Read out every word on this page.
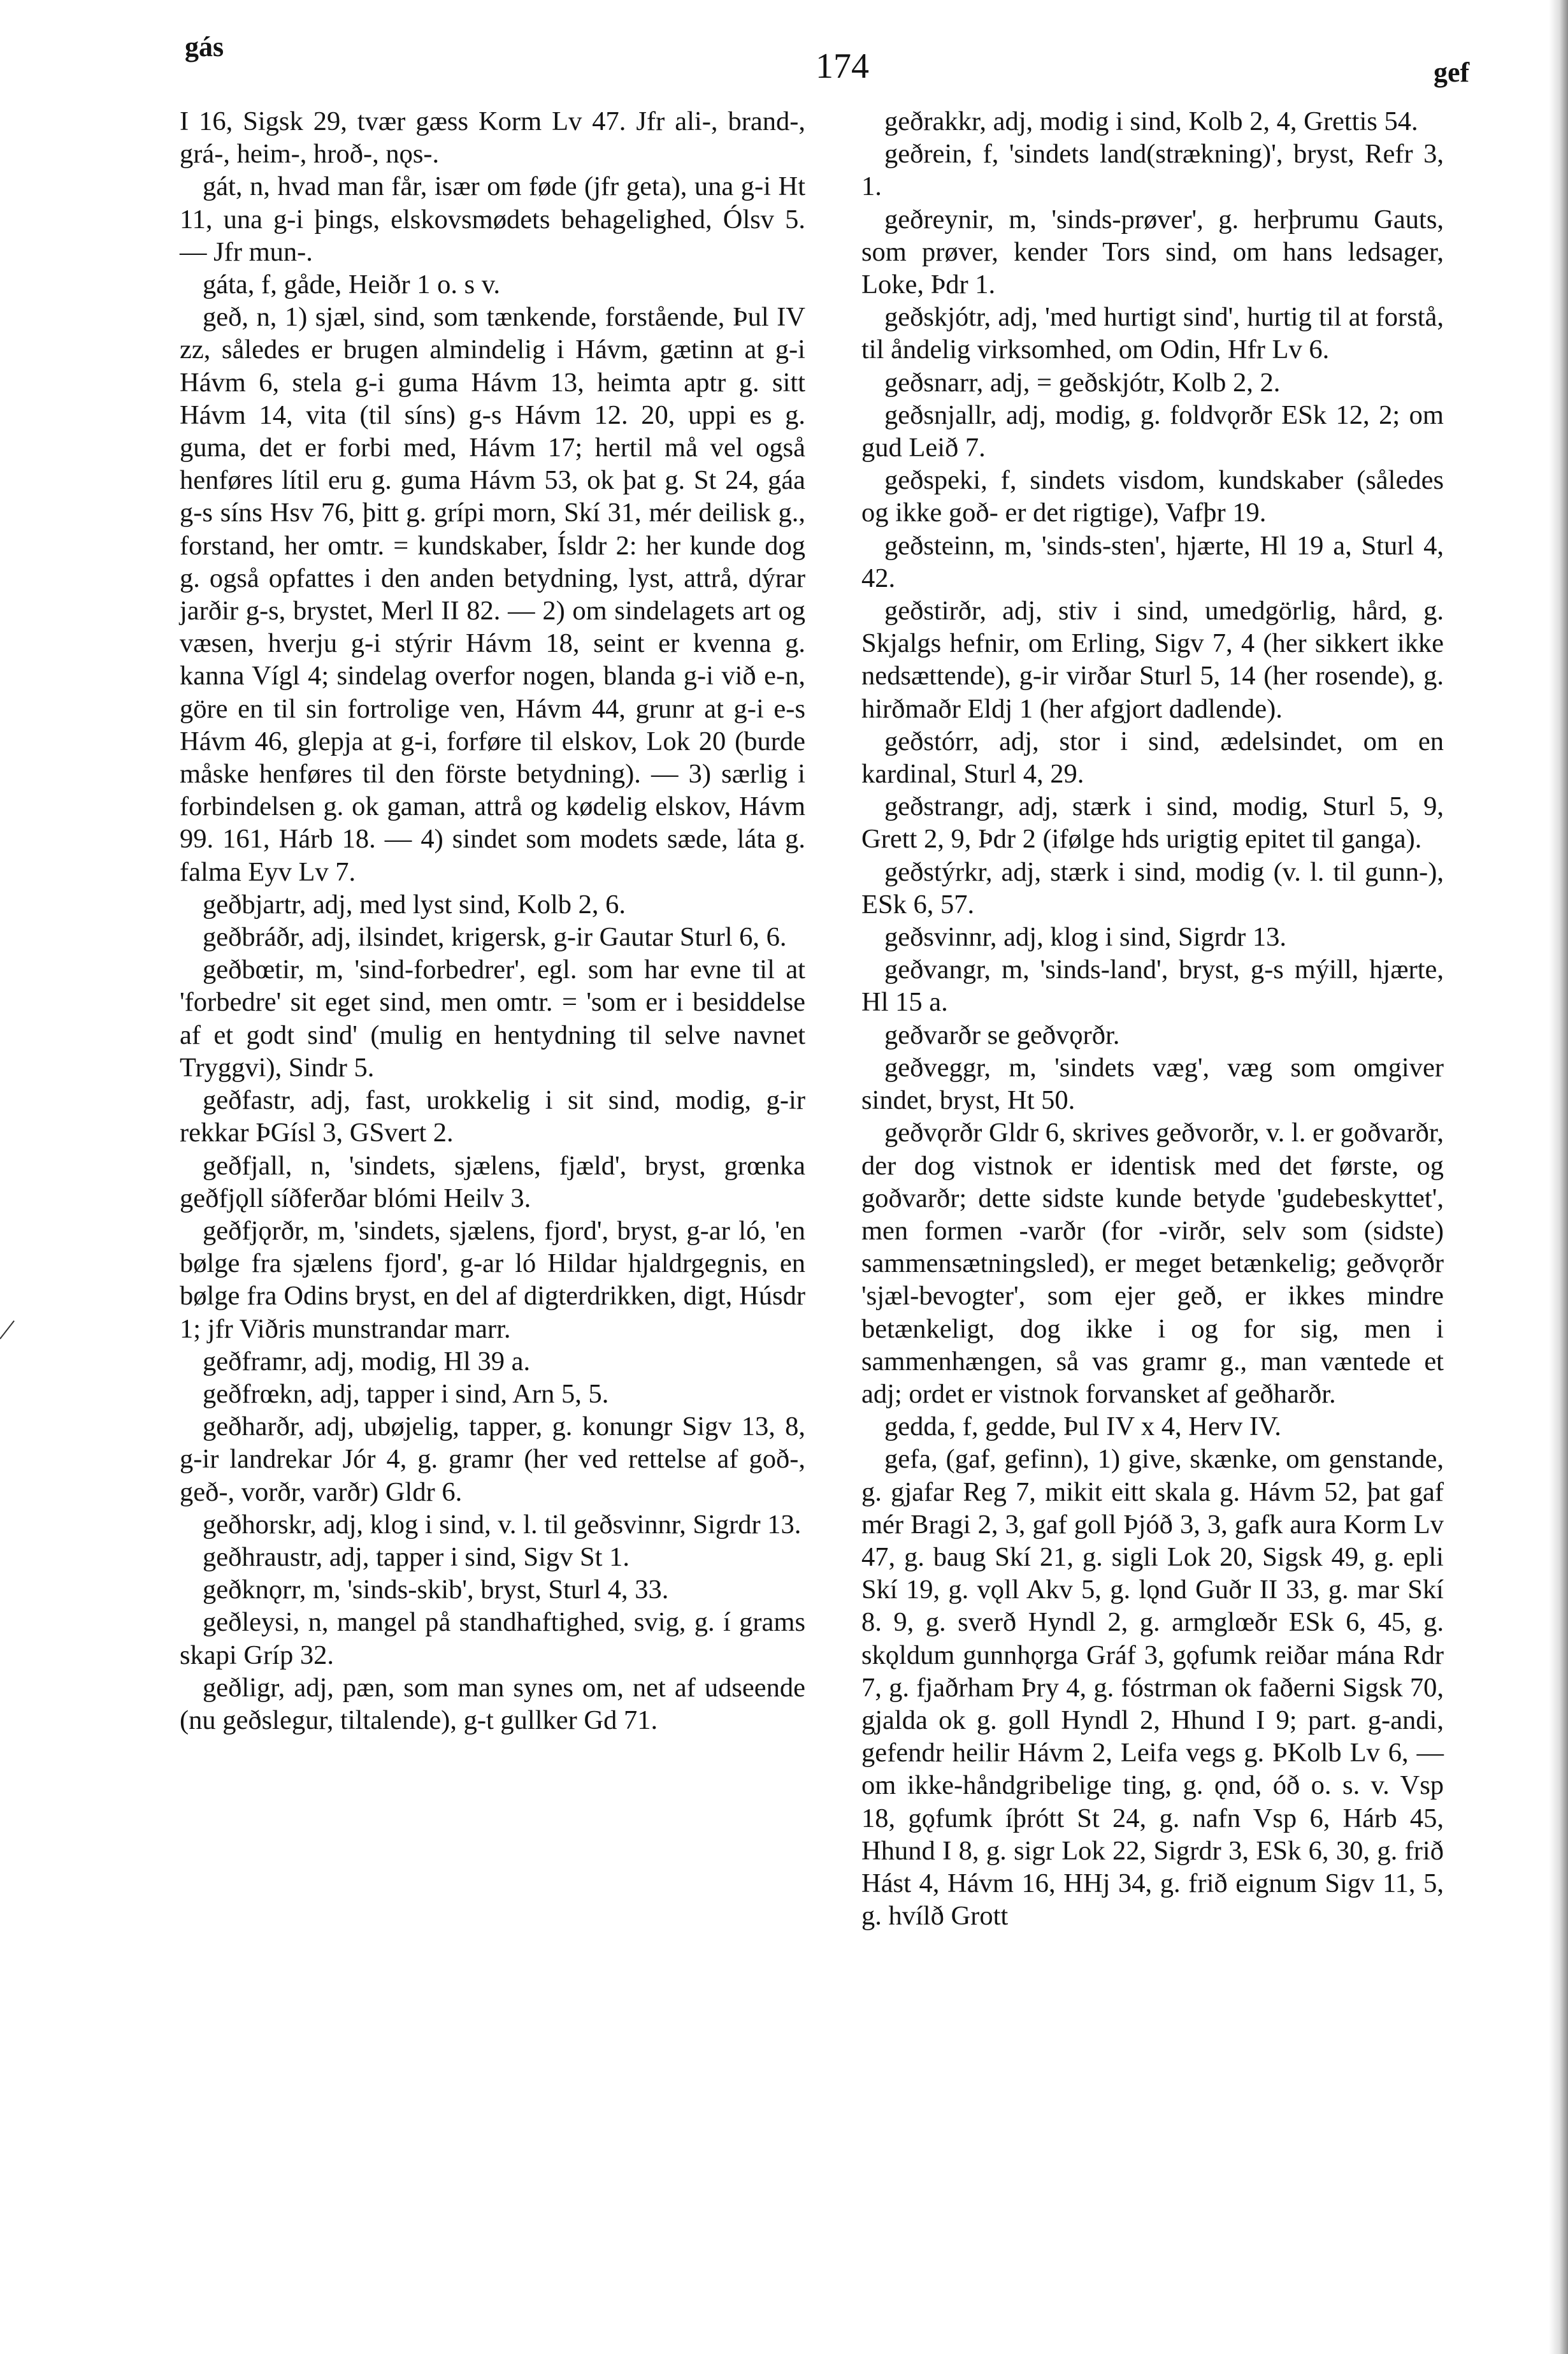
gás	174	gef

I 16, Sigsk 29, tvær gæss Korm Lv 47. Jfr ali-, brand-, grá-, heim-, hroð-, nǫs-.

gát, n, hvad man får, især om føde (jfr geta), una g-i Ht 11, una g-i þings, elskovsmødets behagelighed, Ólsv 5. — Jfr mun-.

gáta, f, gåde, Heiðr 1 o. s v.

geð, n, 1) sjæl, sind, som tænkende, forstående, Þul IV zz, således er brugen almindelig i Hávm, gætinn at g-i Hávm 6, stela g-i guma Hávm 13, heimta aptr g. sitt Hávm 14, vita (til síns) g-s Hávm 12. 20, uppi es g. guma, det er forbi med, Hávm 17; hertil må vel også henføres lítil eru g. guma Hávm 53, ok þat g. St 24, gáa g-s síns Hsv 76, þitt g. grípi morn, Skí 31, mér deilisk g., forstand, her omtr. = kundskaber, Ísldr 2: her kunde dog g. også opfattes i den anden betydning, lyst, attrå, dýrar jarðir g-s, brystet, Merl II 82. — 2) om sindelagets art og væsen, hverju g-i stýrir Hávm 18, seint er kvenna g. kanna Vígl 4; sindelag overfor nogen, blanda g-i við e-n, göre en til sin fortrolige ven, Hávm 44, grunr at g-i e-s Hávm 46, glepja at g-i, forføre til elskov, Lok 20 (burde måske henføres til den förste betydning). — 3) særlig i forbindelsen g. ok gaman, attrå og kødelig elskov, Hávm 99. 161, Hárb 18. — 4) sindet som modets sæde, láta g. falma Eyv Lv 7.

geðbjartr, adj, med lyst sind, Kolb 2, 6.

geðbráðr, adj, ilsindet, krigersk, g-ir Gautar Sturl 6, 6.

geðbœtir, m, 'sind-forbedrer', egl. som har evne til at 'forbedre' sit eget sind, men omtr. = 'som er i besiddelse af et godt sind' (mulig en hentydning til selve navnet Tryggvi), Sindr 5.

geðfastr, adj, fast, urokkelig i sit sind, modig, g-ir rekkar ÞGísl 3, GSvert 2.

geðfjall, n, 'sindets, sjælens, fjæld', bryst, grœnka geðfjǫll síðferðar blómi Heilv 3.

geðfjǫrðr, m, 'sindets, sjælens, fjord', bryst, g-ar ló, 'en bølge fra sjælens fjord', g-ar ló Hildar hjaldrgegnis, en bølge fra Odins bryst, en del af digterdrikken, digt, Húsdr 1; jfr Viðris munstrandar marr.

geðframr, adj, modig, Hl 39 a.

geðfrœkn, adj, tapper i sind, Arn 5, 5.

geðharðr, adj, ubøjelig, tapper, g. konungr Sigv 13, 8, g-ir landrekar Jór 4, g. gramr (her ved rettelse af goð-, geð-, vorðr, varðr) Gldr 6.

geðhorskr, adj, klog i sind, v. l. til geðsvinnr, Sigrdr 13.

geðhraustr, adj, tapper i sind, Sigv St 1.

geðknǫrr, m, 'sinds-skib', bryst, Sturl 4, 33.

geðleysi, n, mangel på standhaftighed, svig, g. í grams skapi Gríp 32.

geðligr, adj, pæn, som man synes om, net af udseende (nu geðslegur, tiltalende), g-t gullker Gd 71.

geðrakkr, adj, modig i sind, Kolb 2, 4, Grettis 54.

geðrein, f, 'sindets land(strækning)', bryst, Refr 3, 1.

geðreynir, m, 'sinds-prøver', g. herþrumu Gauts, som prøver, kender Tors sind, om hans ledsager, Loke, Þdr 1.

geðskjótr, adj, 'med hurtigt sind', hurtig til at forstå, til åndelig virksomhed, om Odin, Hfr Lv 6.

geðsnarr, adj, = geðskjótr, Kolb 2, 2.

geðsnjallr, adj, modig, g. foldvǫrðr ESk 12, 2; om gud Leið 7.

geðspeki, f, sindets visdom, kundskaber (således og ikke goð- er det rigtige), Vafþr 19.

geðsteinn, m, 'sinds-sten', hjærte, Hl 19 a, Sturl 4, 42.

geðstirðr, adj, stiv i sind, umedgörlig, hård, g. Skjalgs hefnir, om Erling, Sigv 7, 4 (her sikkert ikke nedsættende), g-ir virðar Sturl 5, 14 (her rosende), g. hirðmaðr Eldj 1 (her afgjort dadlende).

geðstórr, adj, stor i sind, ædelsindet, om en kardinal, Sturl 4, 29.

geðstrangr, adj, stærk i sind, modig, Sturl 5, 9, Grett 2, 9, Þdr 2 (ifølge hds urigtig epitet til ganga).

geðstýrkr, adj, stærk i sind, modig (v. l. til gunn-), ESk 6, 57.

geðsvinnr, adj, klog i sind, Sigrdr 13.

geðvangr, m, 'sinds-land', bryst, g-s mýill, hjærte, Hl 15 a.

geðvarðr se geðvǫrðr.

geðveggr, m, 'sindets væg', væg som omgiver sindet, bryst, Ht 50.

geðvǫrðr Gldr 6, skrives geðvorðr, v. l. er goðvarðr, der dog vistnok er identisk med det første, og goðvarðr; dette sidste kunde betyde 'gudebeskyttet', men formen -varðr (for -virðr, selv som (sidste) sammensætningsled), er meget betænkelig; geðvǫrðr 'sjæl-bevogter', som ejer geð, er ikkes mindre betænkeligt, dog ikke i og for sig, men i sammenhængen, så vas gramr g., man væntede et adj; ordet er vistnok forvansket af geðharðr.

gedda, f, gedde, Þul IV x 4, Herv IV.

gefa, (gaf, gefinn), 1) give, skænke, om genstande, g. gjafar Reg 7, mikit eitt skala g. Hávm 52, þat gaf mér Bragi 2, 3, gaf goll Þjóð 3, 3, gafk aura Korm Lv 47, g. baug Skí 21, g. sigli Lok 20, Sigsk 49, g. epli Skí 19, g. vǫll Akv 5, g. lǫnd Guðr II 33, g. mar Skí 8. 9, g. sverð Hyndl 2, g. armglœðr ESk 6, 45, g. skǫldum gunnhǫrga Gráf 3, gǫfumk reiðar mána Rdr 7, g. fjaðrham Þry 4, g. fóstrman ok faðerni Sigsk 70, gjalda ok g. goll Hyndl 2, Hhund I 9; part. g-andi, gefendr heilir Hávm 2, Leifa vegs g. ÞKolb Lv 6, — om ikke-håndgribelige ting, g. ǫnd, óð o. s. v. Vsp 18, gǫfumk íþrótt St 24, g. nafn Vsp 6, Hárb 45, Hhund I 8, g. sigr Lok 22, Sigrdr 3, ESk 6, 30, g. frið Hást 4, Hávm 16, HHj 34, g. frið eignum Sigv 11, 5, g. hvílð Grott
